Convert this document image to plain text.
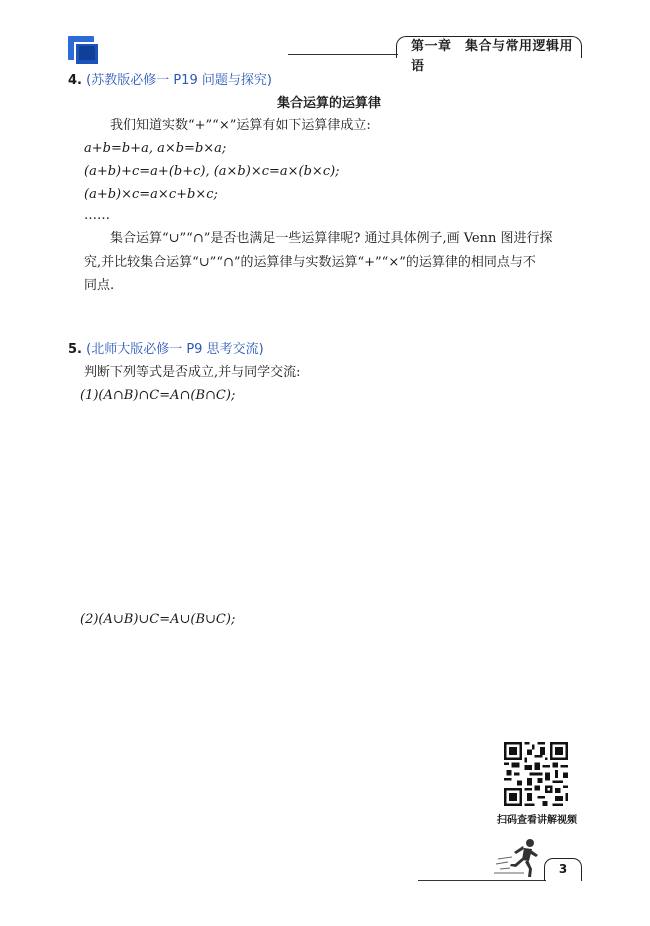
第一章　集合与常用逻辑用语
4. (苏教版必修一 P19 问题与探究)
集合运算的运算律
我们知道实数“+”“×”运算有如下运算律成立:
a+b=b+a, a×b=b×a;
(a+b)+c=a+(b+c), (a×b)×c=a×(b×c);
(a+b)×c=a×c+b×c;
……
集合运算“∪”“∩”是否也满足一些运算律呢? 通过具体例子,画 Venn 图进行探
究,并比较集合运算“∪”“∩”的运算律与实数运算“+”“×”的运算律的相同点与不
同点.
5. (北师大版必修一 P9 思考交流)
判断下列等式是否成立,并与同学交流:
(1)(A∩B)∩C=A∩(B∩C);
(2)(A∪B)∪C=A∪(B∪C);
扫码查看讲解视频
3
